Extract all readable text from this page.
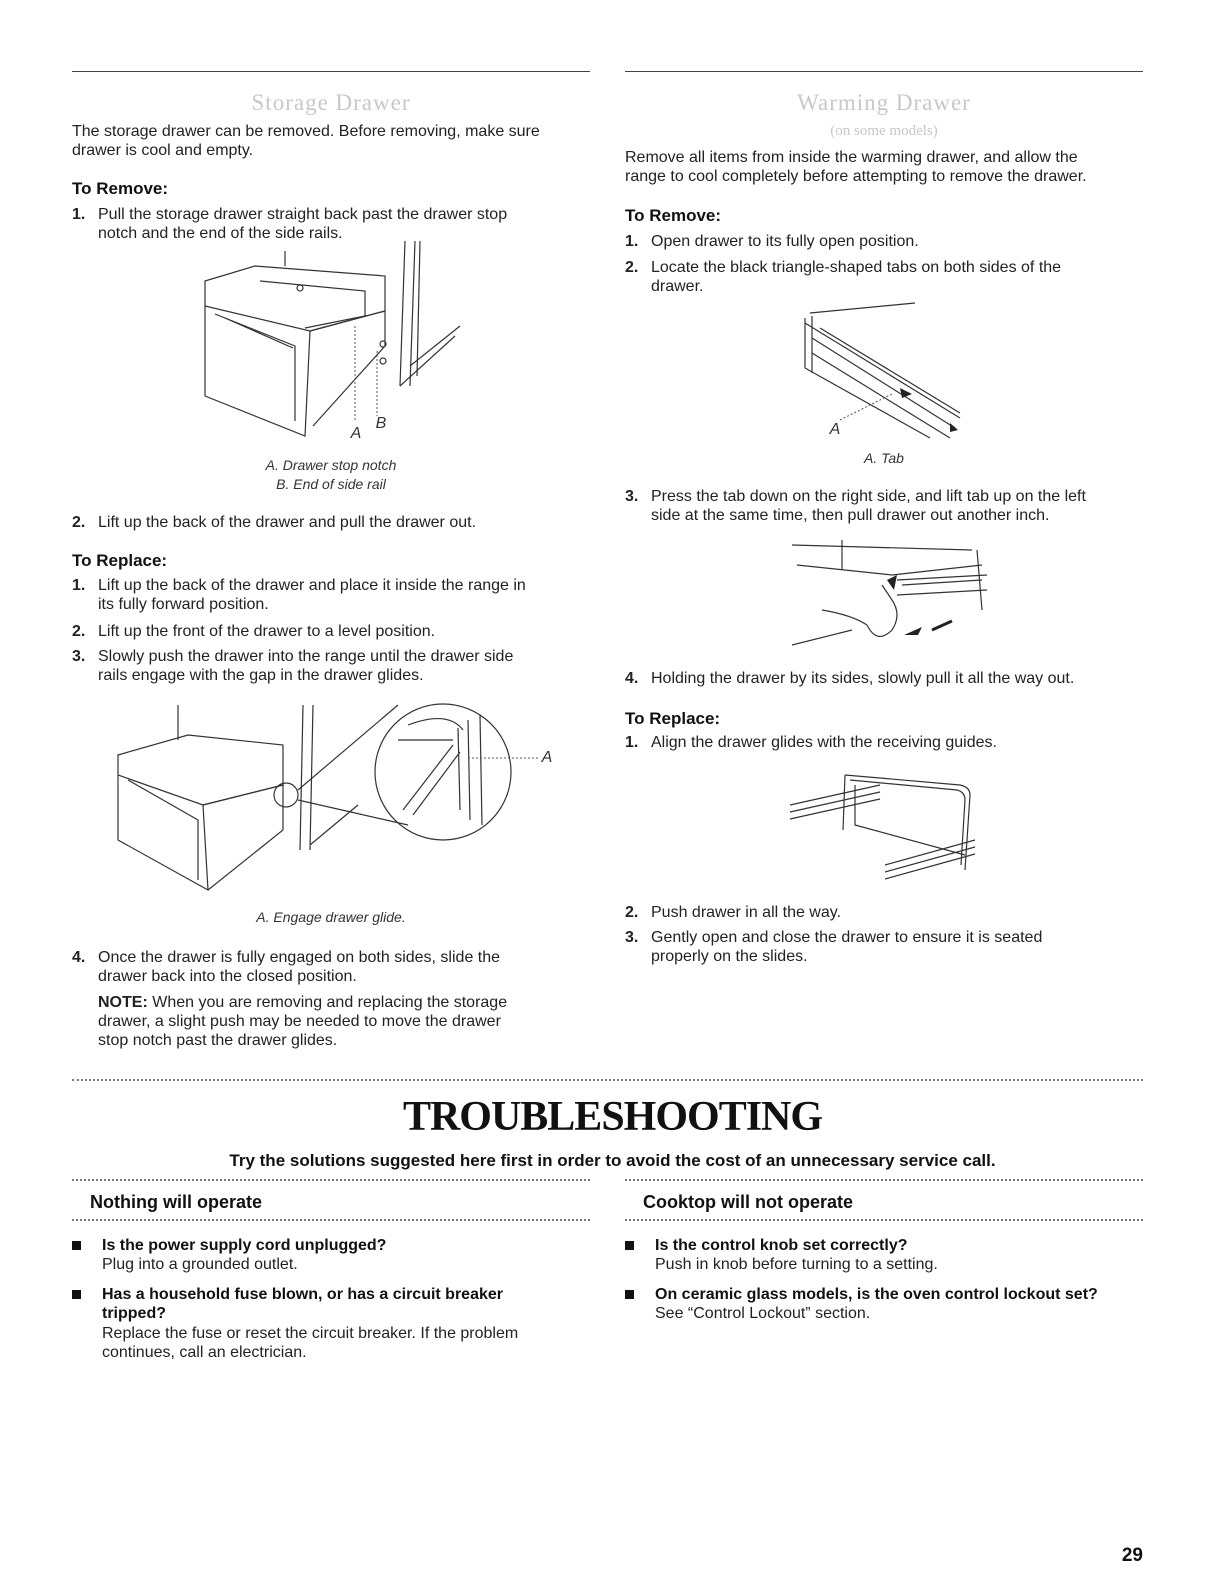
Storage Drawer
The storage drawer can be removed. Before removing, make sure
drawer is cool and empty.
To Remove:
1. Pull the storage drawer straight back past the drawer stop
notch and the end of the side rails.
A
B
A. Drawer stop notch
B. End of side rail
2. Lift up the back of the drawer and pull the drawer out.
To Replace:
1. Lift up the back of the drawer and place it inside the range in
its fully forward position.
2. Lift up the front of the drawer to a level position.
3. Slowly push the drawer into the range until the drawer side
rails engage with the gap in the drawer glides.
A
A. Engage drawer glide.
4. Once the drawer is fully engaged on both sides, slide the
drawer back into the closed position.
NOTE: When you are removing and replacing the storage
drawer, a slight push may be needed to move the drawer
stop notch past the drawer glides.
Warming Drawer
(on some models)
Remove all items from inside the warming drawer, and allow the
range to cool completely before attempting to remove the drawer.
To Remove:
1. Open drawer to its fully open position.
2. Locate the black triangle-shaped tabs on both sides of the
drawer.
A
A. Tab
3. Press the tab down on the right side, and lift tab up on the left
side at the same time, then pull drawer out another inch.
4. Holding the drawer by its sides, slowly pull it all the way out.
To Replace:
1. Align the drawer glides with the receiving guides.
2. Push drawer in all the way.
3. Gently open and close the drawer to ensure it is seated
properly on the slides.
TROUBLESHOOTING
Try the solutions suggested here first in order to avoid the cost of an unnecessary service call.
Nothing will operate	Cooktop will not operate
Is the power supply cord unplugged?
Plug into a grounded outlet.
Has a household fuse blown, or has a circuit breaker
tripped?
Replace the fuse or reset the circuit breaker. If the problem
continues, call an electrician.
Is the control knob set correctly?
Push in knob before turning to a setting.
On ceramic glass models, is the oven control lockout set?
See “Control Lockout” section.
29
